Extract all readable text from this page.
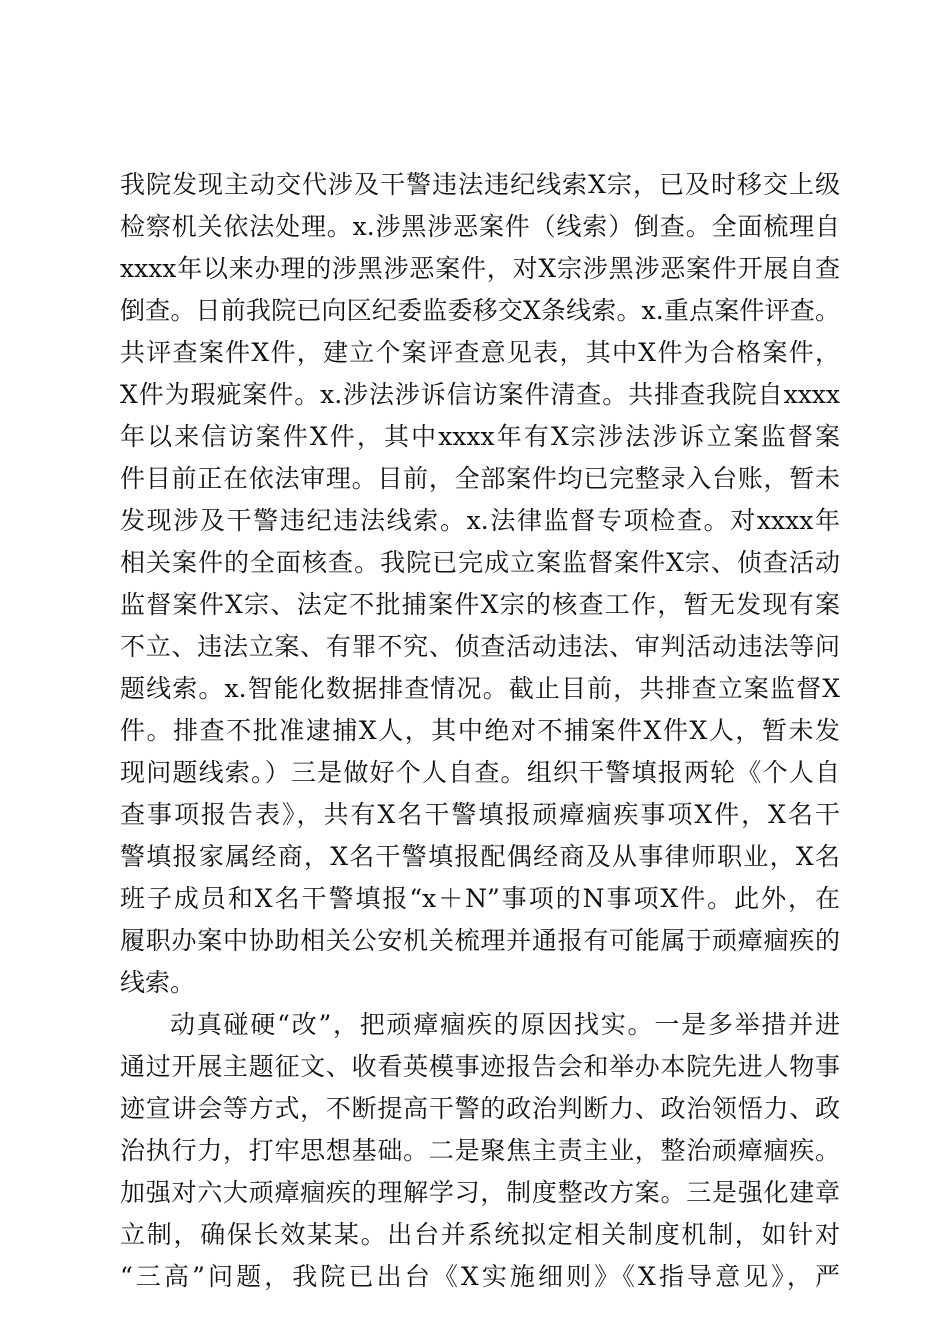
我院发现主动交代涉及干警违法违纪线索X宗，已及时移交上级
检察机关依法处理。x.涉黑涉恶案件（线索）倒查。全面梳理自
xxxx年以来办理的涉黑涉恶案件，对X宗涉黑涉恶案件开展自查
倒查。日前我院已向区纪委监委移交X条线索。x.重点案件评查。
共评查案件X件，建立个案评查意见表，其中X件为合格案件，
X件为瑕疵案件。x.涉法涉诉信访案件清查。共排查我院自xxxx
年以来信访案件X件，其中xxxx年有X宗涉法涉诉立案监督案
件目前正在依法审理。目前，全部案件均已完整录入台账，暂未
发现涉及干警违纪违法线索。x.法律监督专项检查。对xxxx年
相关案件的全面核查。我院已完成立案监督案件X宗、侦查活动
监督案件X宗、法定不批捕案件X宗的核查工作，暂无发现有案
不立、违法立案、有罪不究、侦查活动违法、审判活动违法等问
题线索。x.智能化数据排查情况。截止目前，共排查立案监督X
件。排查不批准逮捕X人，其中绝对不捕案件X件X人，暂未发
现问题线索。）三是做好个人自查。组织干警填报两轮《个人自
查事项报告表》，共有X名干警填报顽瘴痼疾事项X件，X名干
警填报家属经商，X名干警填报配偶经商及从事律师职业，X名
班子成员和X名干警填报“x＋N”事项的N事项X件。此外，在
履职办案中协助相关公安机关梳理并通报有可能属于顽瘴痼疾的
线索。
动真碰硬“改”，把顽瘴痼疾的原因找实。一是多举措并进
通过开展主题征文、收看英模事迹报告会和举办本院先进人物事
迹宣讲会等方式，不断提高干警的政治判断力、政治领悟力、政
治执行力，打牢思想基础。二是聚焦主责主业，整治顽瘴痼疾。
加强对六大顽瘴痼疾的理解学习，制度整改方案。三是强化建章
立制，确保长效某某。出台并系统拟定相关制度机制，如针对
“三高”问题，我院已出台《X实施细则》《X指导意见》，严
